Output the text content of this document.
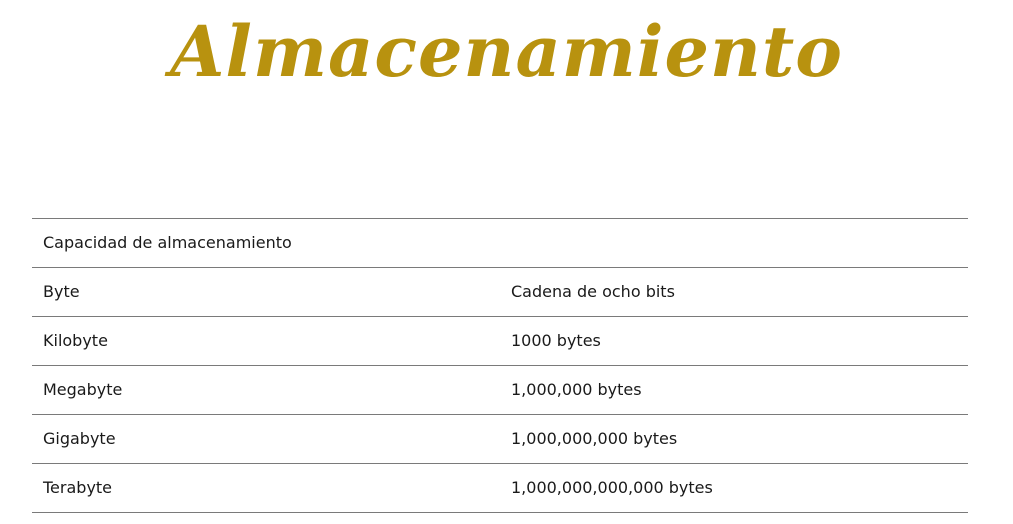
Almacenamiento
Capacidad de almacenamiento
Byte	Cadena de ocho bits
Kilobyte	1000 bytes
Megabyte	1,000,000 bytes
Gigabyte	1,000,000,000 bytes
Terabyte	1,000,000,000,000 bytes
